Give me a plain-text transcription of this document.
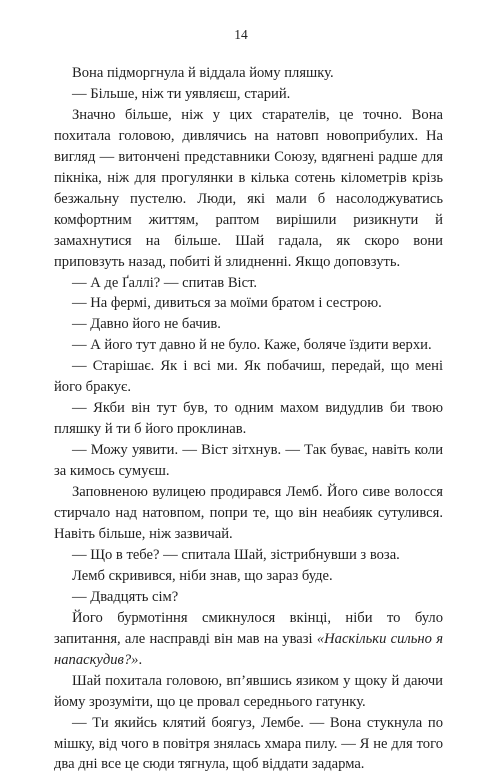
14

Вона підморгнула й віддала йому пляшку.

— Більше, ніж ти уявляєш, старий.

Значно більше, ніж у цих старателів, це точно. Вона похитала головою, дивлячись на натовп новоприбулих. На вигляд — витончені представники Союзу, вдягнені радше для пікніка, ніж для прогулянки в кілька сотень кілометрів крізь безжальну пустелю. Люди, які мали б насолоджуватись комфортним життям, раптом вирішили ризикнути й замахнутися на більше. Шай гадала, як скоро вони приповзуть назад, побиті й злидненні. Якщо доповзуть.

— А де Ґаллі? — спитав Віст.

— На фермі, дивиться за моїми братом і сестрою.

— Давно його не бачив.

— А його тут давно й не було. Каже, боляче їздити верхи.

— Старішає. Як і всі ми. Як побачиш, передай, що мені його бракує.

— Якби він тут був, то одним махом видудлив би твою пляшку й ти б його проклинав.

— Можу уявити. — Віст зітхнув. — Так буває, навіть коли за кимось сумуєш.

Заповненою вулицею продирався Лемб. Його сиве волосся стирчало над натовпом, попри те, що він неабияк сутулився. Навіть більше, ніж зазвичай.

— Що в тебе? — спитала Шай, зістрибнувши з воза.

Лемб скривився, ніби знав, що зараз буде.

— Двадцять сім?

Його бурмотіння смикнулося вкінці, ніби то було запитання, але насправді він мав на увазі «Наскільки сильно я напаскудив?».

Шай похитала головою, вп’явшись язиком у щоку й даючи йому зрозуміти, що це провал середнього гатунку.

— Ти якийсь клятий боягуз, Лембе. — Вона стукнула по мішку, від чого в повітря знялась хмара пилу. — Я не для того два дні все це сюди тягнула, щоб віддати задарма.
